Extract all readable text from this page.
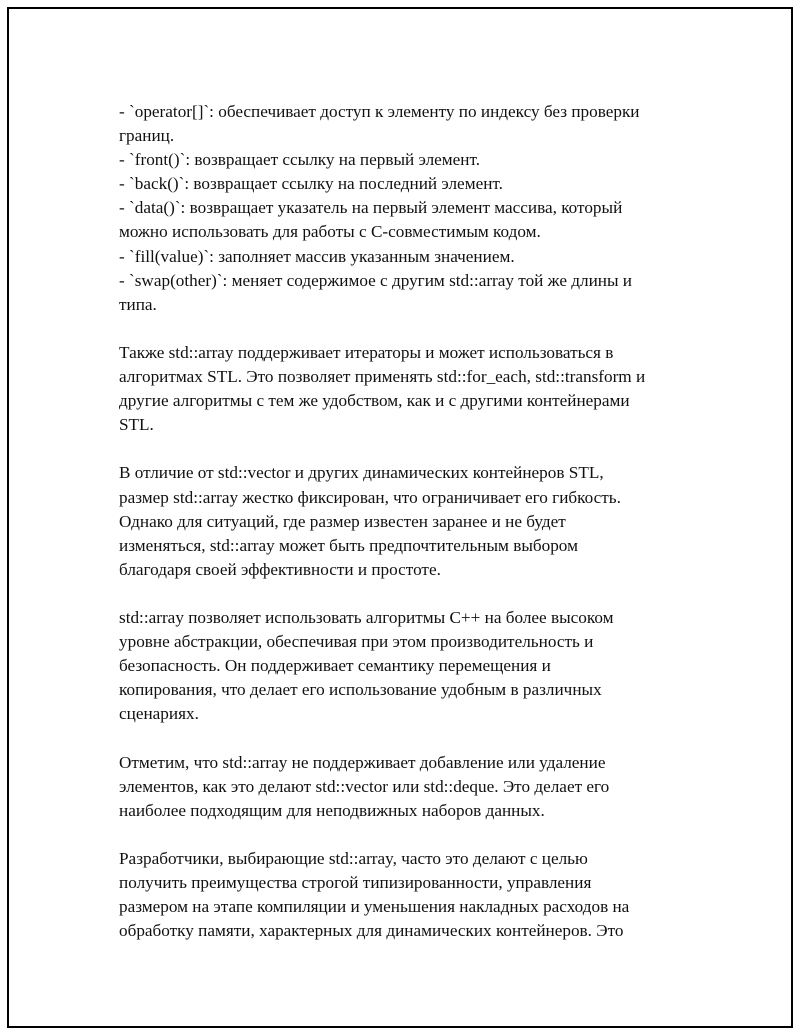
- `operator[]`: обеспечивает доступ к элементу по индексу без проверки
границ.
- `front()`: возвращает ссылку на первый элемент.
- `back()`: возвращает ссылку на последний элемент.
- `data()`: возвращает указатель на первый элемент массива, который
можно использовать для работы с C-совместимым кодом.
- `fill(value)`: заполняет массив указанным значением.
- `swap(other)`: меняет содержимое с другим std::array той же длины и
типа.
Также std::array поддерживает итераторы и может использоваться в
алгоритмах STL. Это позволяет применять std::for_each, std::transform и
другие алгоритмы с тем же удобством, как и с другими контейнерами
STL.
В отличие от std::vector и других динамических контейнеров STL,
размер std::array жестко фиксирован, что ограничивает его гибкость.
Однако для ситуаций, где размер известен заранее и не будет
изменяться, std::array может быть предпочтительным выбором
благодаря своей эффективности и простоте.
std::array позволяет использовать алгоритмы C++ на более высоком
уровне абстракции, обеспечивая при этом производительность и
безопасность. Он поддерживает семантику перемещения и
копирования, что делает его использование удобным в различных
сценариях.
Отметим, что std::array не поддерживает добавление или удаление
элементов, как это делают std::vector или std::deque. Это делает его
наиболее подходящим для неподвижных наборов данных.
Разработчики, выбирающие std::array, часто это делают с целью
получить преимущества строгой типизированности, управления
размером на этапе компиляции и уменьшения накладных расходов на
обработку памяти, характерных для динамических контейнеров. Это
